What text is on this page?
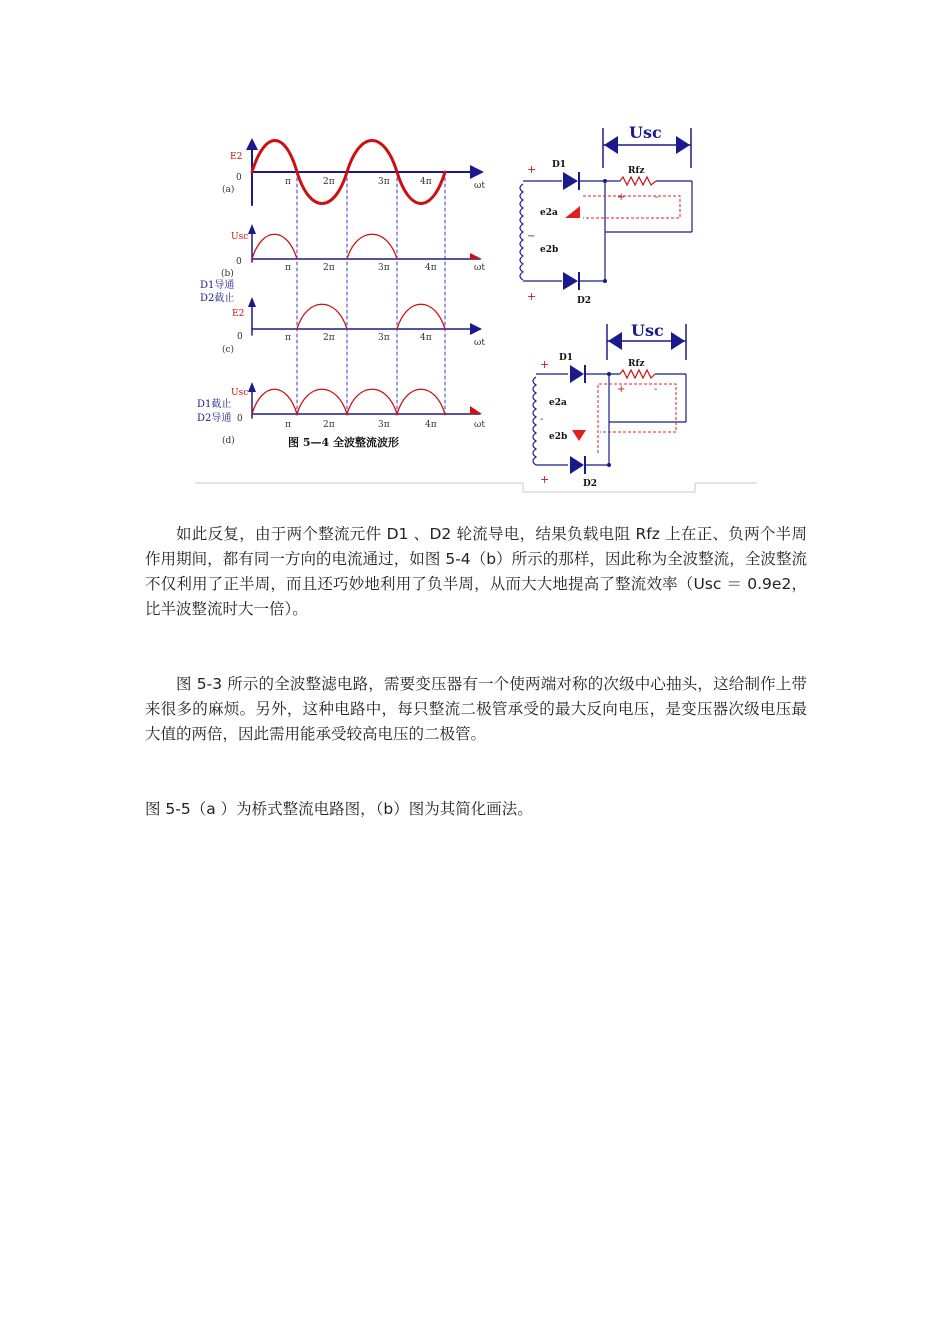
E2
0
(a)
π	2π	3π	4π	ωt
Usc
0
(b)
D1导通
D2截止
π	2π	3π	4π	ωt
E2
0
(c)
π	2π	3π	4π	ωt
Usc
D1截止
D2导通 0
(d)
π	2π	3π	4π	ωt
图 5—4 全波整流波形
Usc
D1
D2
Rfz
e2a
e2b
+
+
+	-
−
Usc
D1
D2
Rfz
e2a
e2b
+
+
+	-
-

如此反复，由于两个整流元件 D1 、D2 轮流导电，结果负载电阻 Rfz 上在正、负两个半周作用期间，都有同一方向的电流通过，如图 5-4（b）所示的那样，因此称为全波整流，全波整流不仅利用了正半周，而且还巧妙地利用了负半周，从而大大地提高了整流效率（Usc ＝ 0.9e2，比半波整流时大一倍）。

图 5-3 所示的全波整滤电路，需要变压器有一个使两端对称的次级中心抽头，这给制作上带来很多的麻烦。另外，这种电路中，每只整流二极管承受的最大反向电压，是变压器次级电压最大值的两倍，因此需用能承受较高电压的二极管。

图 5-5（a ）为桥式整流电路图，（b）图为其简化画法。
